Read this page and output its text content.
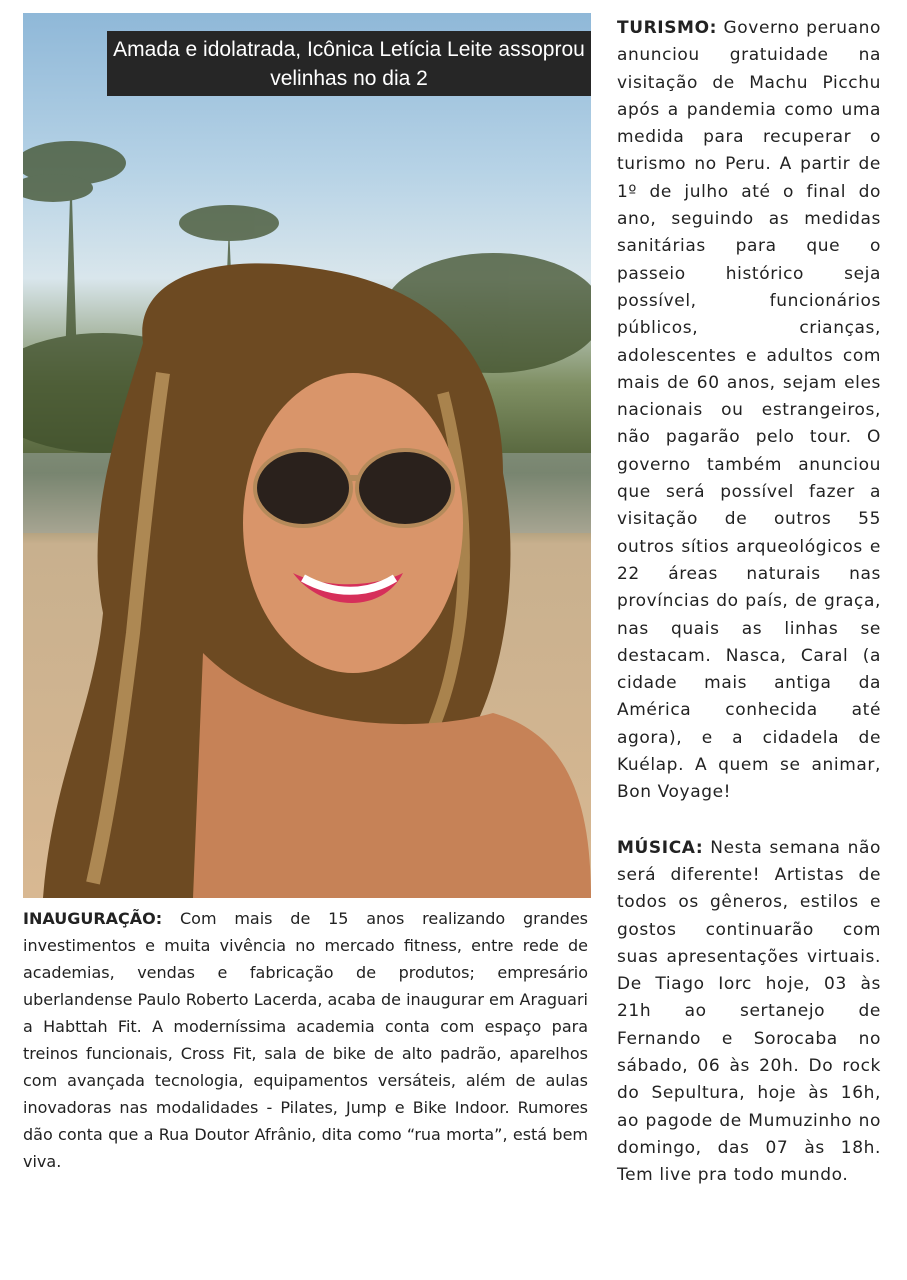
Amada e idolatrada, Icônica Letícia Leite assoprou velinhas no dia 2

TURISMO: Governo peruano anunciou gratuidade na visitação de Machu Picchu após a pandemia como uma medida para recuperar o turismo no Peru. A partir de 1º de julho até o final do ano, seguindo as medidas sanitárias para que o passeio histórico seja possível, funcionários públicos, crianças, adolescentes e adultos com mais de 60 anos, sejam eles nacionais ou estrangeiros, não pagarão pelo tour. O governo também anunciou que será possível fazer a visitação de outros 55 outros sítios arqueológicos e 22 áreas naturais nas províncias do país, de graça, nas quais as linhas se destacam. Nasca, Caral (a cidade mais antiga da América conhecida até agora), e a cidadela de Kuélap. A quem se animar, Bon Voyage!

MÚSICA: Nesta semana não será diferente! Artistas de todos os gêneros, estilos e gostos continuarão com suas apresentações virtuais. De Tiago Iorc hoje, 03 às 21h ao sertanejo de Fernando e Sorocaba no sábado, 06 às 20h. Do rock do Sepultura, hoje às 16h, ao pagode de Mumuzinho no domingo, das 07 às 18h. Tem live pra todo mundo.

INAUGURAÇÃO: Com mais de 15 anos realizando grandes investimentos e muita vivência no mercado fitness, entre rede de academias, vendas e fabricação de produtos; empresário uberlandense Paulo Roberto Lacerda, acaba de inaugurar em Araguari a Habttah Fit. A moderníssima academia conta com espaço para treinos funcionais, Cross Fit, sala de bike de alto padrão, aparelhos com avançada tecnologia, equipamentos versáteis, além de aulas inovadoras nas modalidades - Pilates, Jump e Bike Indoor. Rumores dão conta que a Rua Doutor Afrânio, dita como “rua morta”, está bem viva.
